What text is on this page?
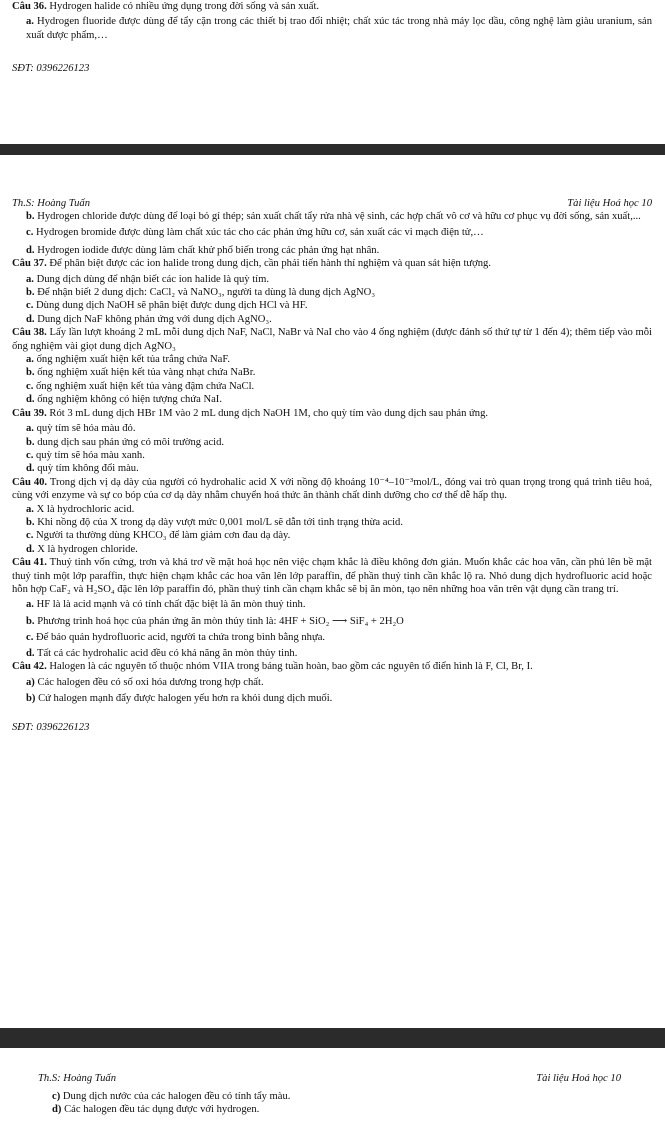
Câu 36. Hydrogen halide có nhiều ứng dụng trong đời sống và sản xuất.

a. Hydrogen fluoride được dùng để tẩy cặn trong các thiết bị trao đổi nhiệt; chất xúc tác trong nhà máy lọc dầu, công nghệ làm giàu uranium, sản xuất dược phẩm,…

SĐT: 0396226123

Th.S: Hoàng Tuấn	Tài liệu Hoá học 10

b. Hydrogen chloride được dùng để loại bỏ gỉ thép; sản xuất chất tẩy rửa nhà vệ sinh, các hợp chất vô cơ và hữu cơ phục vụ đời sống, sản xuất,...

c. Hydrogen bromide được dùng làm chất xúc tác cho các phản ứng hữu cơ, sản xuất các vi mạch điện tử,…

d. Hydrogen iodide được dùng làm chất khử phổ biến trong các phản ứng hạt nhân.

Câu 37. Để phân biệt được các ion halide trong dung dịch, cần phải tiến hành thí nghiệm và quan sát hiện tượng.

a. Dung dịch dùng để nhận biết các ion halide là quỳ tím.

b. Để nhận biết 2 dung dịch: CaCl₂ và NaNO₃, người ta dùng là dung dịch AgNO₃

c. Dùng dung dịch NaOH sẽ phân biệt được dung dịch HCl và HF.

d. Dung dịch NaF không phản ứng với dung dịch AgNO₃.

Câu 38. Lấy lần lượt khoảng 2 mL mỗi dung dịch NaF, NaCl, NaBr và NaI cho vào 4 ống nghiệm (được đánh số thứ tự từ 1 đến 4); thêm tiếp vào mỗi ống nghiệm vài giọt dung dịch AgNO₃

a. ống nghiệm xuất hiện kết tủa trắng chứa NaF.

b. ống nghiệm xuất hiện kết tủa vàng nhạt chứa NaBr.

c. ống nghiệm xuất hiện kết tủa vàng đậm chứa NaCl.

d. ống nghiệm không có hiện tượng chứa NaI.

Câu 39. Rót 3 mL dung dịch HBr 1M vào 2 mL dung dịch NaOH 1M, cho quỳ tím vào dung dịch sau phản ứng.

a. quỳ tím sẽ hóa màu đỏ.

b. dung dịch sau phản ứng có môi trường acid.

c. quỳ tím sẽ hóa màu xanh.

d. quỳ tím không đổi màu.

Câu 40. Trong dịch vị dạ dày của người có hydrohalic acid X với nồng độ khoảng 10⁻⁴–10⁻³mol/L, đóng vai trò quan trọng trong quá trình tiêu hoá, cùng với enzyme và sự co bóp của cơ dạ dày nhằm chuyển hoá thức ăn thành chất dinh dưỡng cho cơ thể dễ hấp thụ.

a. X là hydrochloric acid.

b. Khi nồng độ của X trong dạ dày vượt mức 0,001 mol/L sẽ dẫn tới tình trạng thừa acid.

c. Người ta thường dùng KHCO₃ để làm giảm cơn đau dạ dày.

d. X là hydrogen chloride.

Câu 41. Thuỷ tinh vốn cứng, trơn và khá trơ về mặt hoá học nên việc chạm khắc là điều không đơn giản. Muốn khắc các hoa văn, cần phủ lên bề mặt thuỷ tinh một lớp paraffin, thực hiện chạm khắc các hoa văn lên lớp paraffin, để phần thuỷ tinh cần khắc lộ ra. Nhỏ dung dịch hydrofluoric acid hoặc hỗn hợp CaF₂ và H₂SO₄ đặc lên lớp paraffin đó, phần thuỷ tinh cần chạm khắc sẽ bị ăn mòn, tạo nên những hoa văn trên vật dụng cần trang trí.

a. HF là là acid mạnh và có tính chất đặc biệt là ăn mòn thuỷ tinh.

b. Phương trình hoá học của phản ứng ăn mòn thủy tinh là: 4HF + SiO₂ ⟶ SiF₄ + 2H₂O

c. Để bảo quản hydrofluoric acid, người ta chứa trong bình bằng nhựa.

d. Tất cả các hydrohalic acid đều có khả năng ăn mòn thủy tinh.

Câu 42. Halogen là các nguyên tố thuộc nhóm VIIA trong bảng tuần hoàn, bao gồm các nguyên tố điển hình là F, Cl, Br, I.

a) Các halogen đều có số oxi hóa dương trong hợp chất.

b) Cứ halogen mạnh đẩy được halogen yếu hơn ra khỏi dung dịch muối.

SĐT: 0396226123

Th.S: Hoàng Tuấn	Tài liệu Hoá học 10

c) Dung dịch nước của các halogen đều có tính tẩy màu.

d) Các halogen đều tác dụng được với hydrogen.
